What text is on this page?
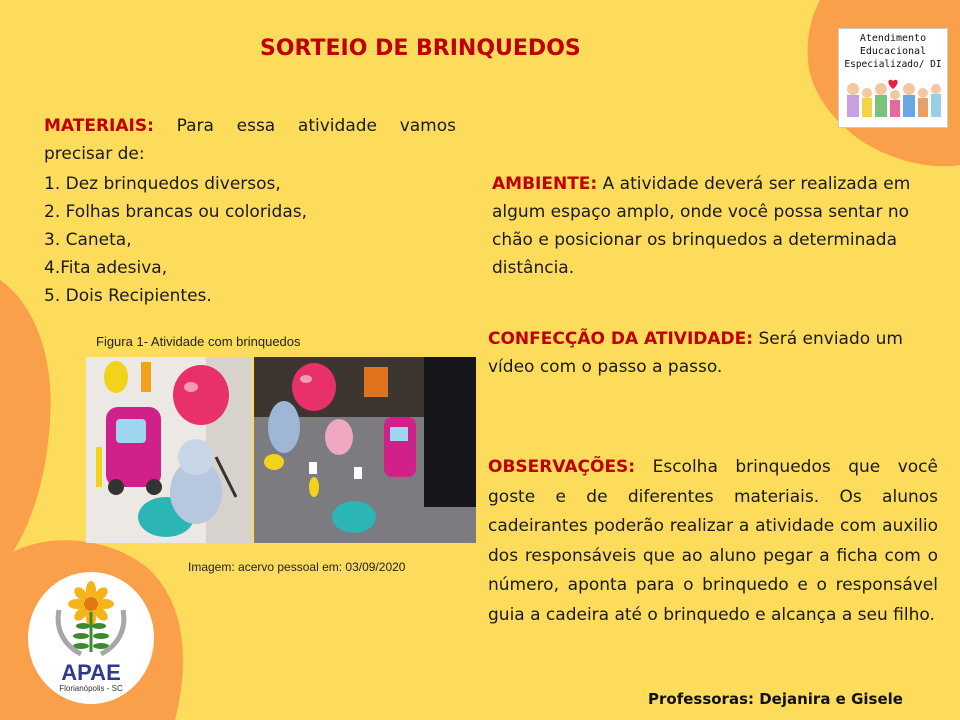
SORTEIO DE BRINQUEDOS
MATERIAIS: Para essa atividade vamos precisar de:
1. Dez brinquedos diversos,
2. Folhas brancas ou coloridas,
3. Caneta,
4.Fita adesiva,
5. Dois Recipientes.
AMBIENTE: A atividade deverá ser realizada em algum espaço amplo, onde você possa sentar no chão e posicionar os brinquedos a determinada distância.
CONFECÇÃO DA ATIVIDADE: Será enviado um vídeo com o passo a passo.
OBSERVAÇÕES: Escolha brinquedos que você goste e de diferentes materiais. Os alunos cadeirantes poderão realizar a atividade com auxilio dos responsáveis que ao aluno pegar a ficha com o número, aponta para o brinquedo e o responsável guia a cadeira até o brinquedo e alcança a seu filho.
Figura 1- Atividade com brinquedos
Imagem: acervo pessoal em: 03/09/2020
Atendimento
Educacional
Especializado/ DI
APAE
Florianópolis - SC
Professoras: Dejanira e Gisele
